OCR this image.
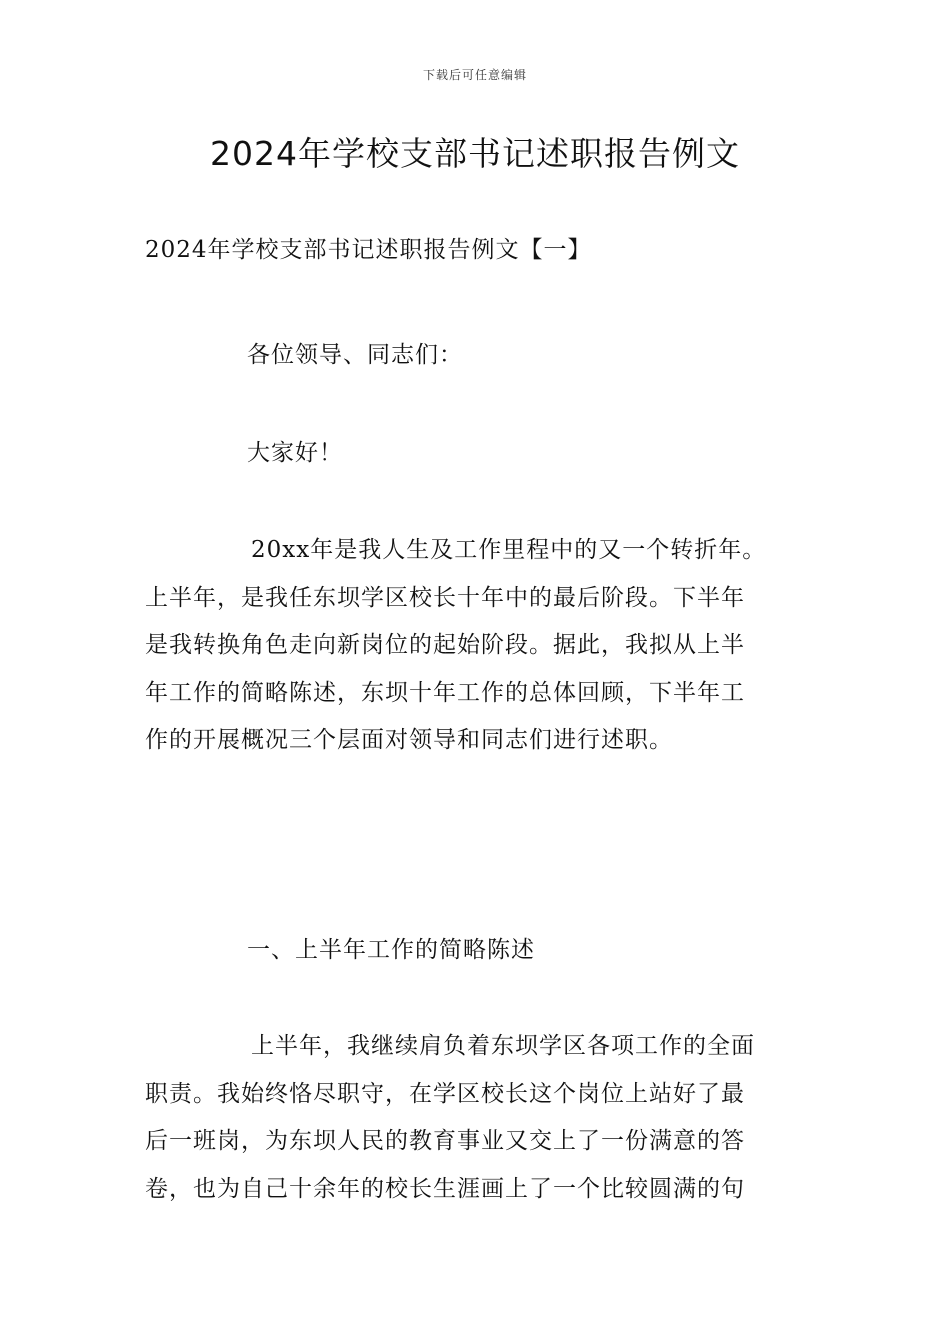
下载后可任意编辑
2024年学校支部书记述职报告例文

2024年学校支部书记述职报告例文【一】

各位领导、同志们：

大家好！

20xx年是我人生及工作里程中的又一个转折年。
上半年，是我任东坝学区校长十年中的最后阶段。下半年
是我转换角色走向新岗位的起始阶段。据此，我拟从上半
年工作的简略陈述，东坝十年工作的总体回顾，下半年工
作的开展概况三个层面对领导和同志们进行述职。

一、上半年工作的简略陈述

上半年，我继续肩负着东坝学区各项工作的全面
职责。我始终恪尽职守，在学区校长这个岗位上站好了最
后一班岗，为东坝人民的教育事业又交上了一份满意的答
卷，也为自己十余年的校长生涯画上了一个比较圆满的句
